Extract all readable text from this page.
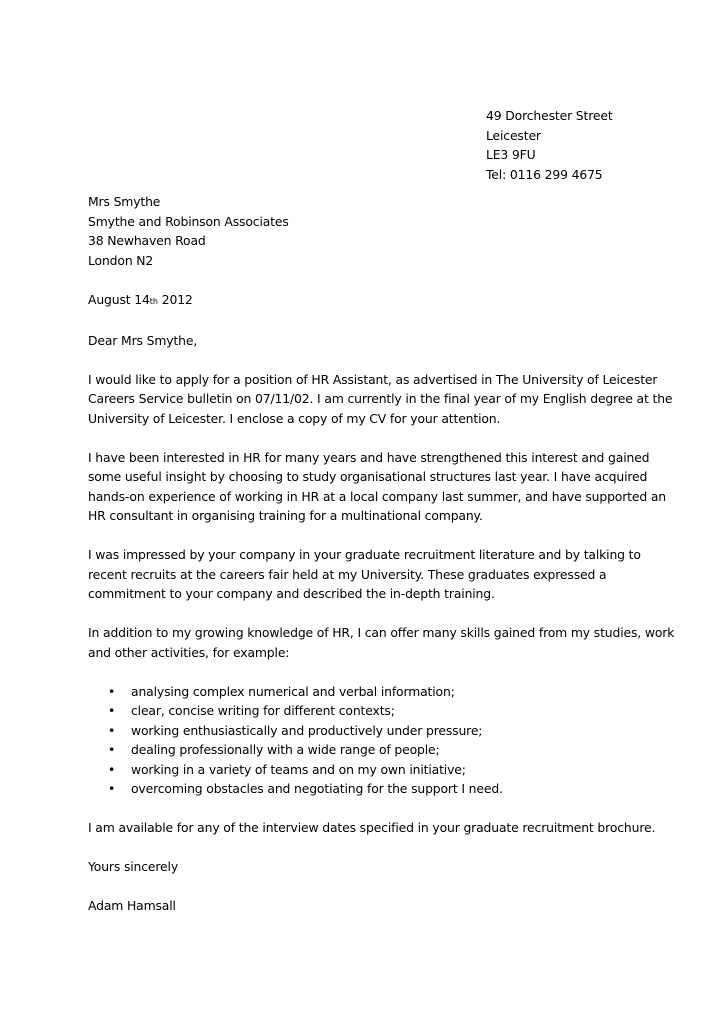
49 Dorchester Street
Leicester
LE3 9FU
Tel: 0116 299 4675
Mrs Smythe
Smythe and Robinson Associates
38 Newhaven Road
London N2
August 14th 2012
Dear Mrs Smythe,
I would like to apply for a position of HR Assistant, as advertised in The University of Leicester
Careers Service bulletin on 07/11/02. I am currently in the final year of my English degree at the
University of Leicester. I enclose a copy of my CV for your attention.
I have been interested in HR for many years and have strengthened this interest and gained
some useful insight by choosing to study organisational structures last year. I have acquired
hands-on experience of working in HR at a local company last summer, and have supported an
HR consultant in organising training for a multinational company.
I was impressed by your company in your graduate recruitment literature and by talking to
recent recruits at the careers fair held at my University. These graduates expressed a
commitment to your company and described the in-depth training.
In addition to my growing knowledge of HR, I can offer many skills gained from my studies, work
and other activities, for example:
• analysing complex numerical and verbal information;
• clear, concise writing for different contexts;
• working enthusiastically and productively under pressure;
• dealing professionally with a wide range of people;
• working in a variety of teams and on my own initiative;
• overcoming obstacles and negotiating for the support I need.
I am available for any of the interview dates specified in your graduate recruitment brochure.
Yours sincerely
Adam Hamsall
